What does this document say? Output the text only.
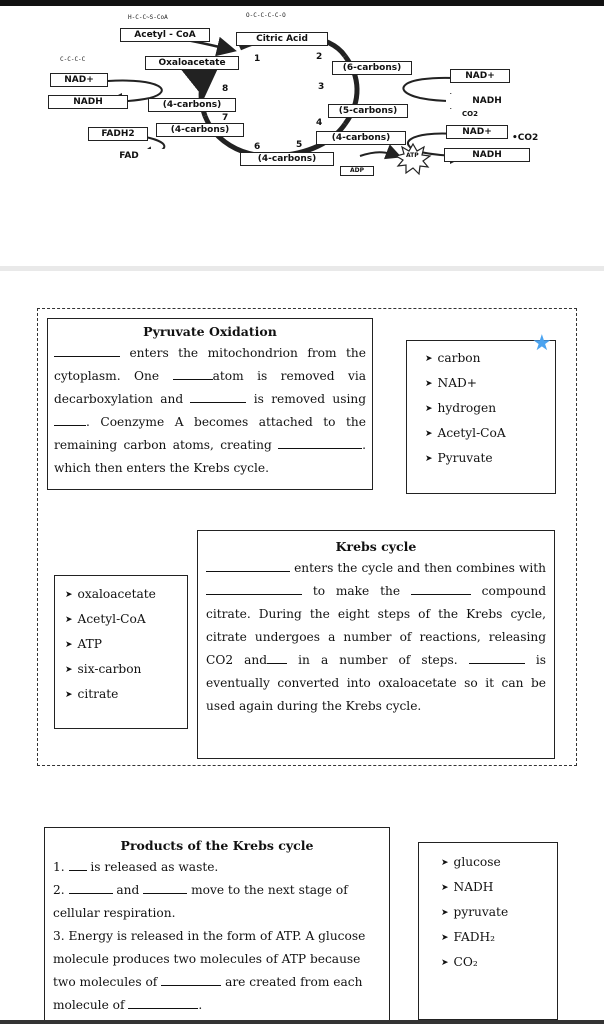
H-C-C~S-CoA
Acetyl - CoA
O-C-C-C-C-O
Citric Acid
C-C-C-C	Oxaloacetate	(6-carbons)
(5-carbons)
(4-carbons)
(4-carbons)
(4-carbons)
(4-carbons)
NAD+
NADH
FADH2
FAD
NAD+
NADH
CO2
NAD+
•CO2
NADH
ADP
ATP
1	2
3
4
5
6
7
8

Pyruvate Oxidation

enters the mitochondrion from the cytoplasm. One	atom is removed via decarboxylation and	is removed using . Coenzyme A becomes attached to the remaining carbon atoms, creating	. which then enters the Krebs cycle.

➤ carbon
➤ NAD+
➤ hydrogen
➤ Acetyl-CoA
➤ Pyruvate
★
➤ oxaloacetate
➤ Acetyl-CoA
➤ ATP
➤ six-carbon
➤ citrate

Krebs cycle

enters the cycle and then combines with  to make the	compound citrate. During the eight steps of the Krebs cycle, citrate undergoes a number of reactions, releasing CO2 and	in a number of steps.	is eventually converted into oxaloacetate so it can be used again during the Krebs cycle.

Products of the Krebs cycle

1. is released as waste.
2.	and	move to the next stage of cellular respiration.
3. Energy is released in the form of ATP. A glucose molecule produces two molecules of ATP because two molecules of	are created from each molecule of	.

➤ glucose
➤ NADH
➤ pyruvate
➤ FADH₂
➤ CO₂
